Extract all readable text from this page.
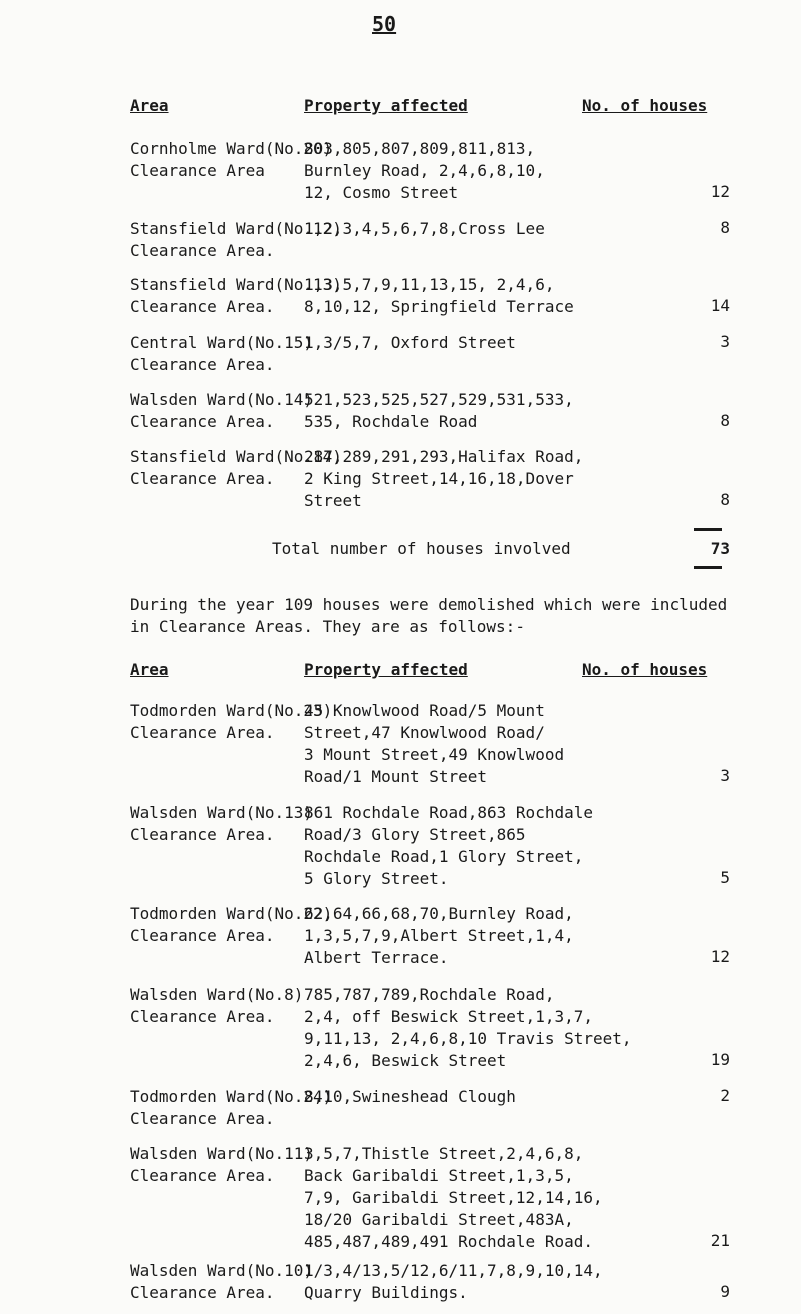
50
Area	Property affected	No. of houses
Cornholme Ward(No.20)
Clearance Area
803,805,807,809,811,813,
Burnley Road, 2,4,6,8,10,
12, Cosmo Street	12
Stansfield Ward(No.12)
Clearance Area.
1,2,3,4,5,6,7,8,Cross Lee	8
Stansfield Ward(No.13)
Clearance Area.
1,3,5,7,9,11,13,15, 2,4,6,
8,10,12, Springfield Terrace	14
Central Ward(No.15)
Clearance Area.
1,3/5,7, Oxford Street	3
Walsden Ward(No.14)
Clearance Area.
521,523,525,527,529,531,533,
535, Rochdale Road	8
Stansfield Ward(No.14)
Clearance Area.
287,289,291,293,Halifax Road,
2 King Street,14,16,18,Dover
Street	8
Total number of houses involved	73
During the year 109 houses were demolished which were included
in Clearance Areas. They are as follows:-
Area	Property affected	No. of houses
Todmorden Ward(No.23)
Clearance Area.
45 Knowlwood Road/5 Mount
Street,47 Knowlwood Road/
3 Mount Street,49 Knowlwood
Road/1 Mount Street	3
Walsden Ward(No.13)
Clearance Area.
861 Rochdale Road,863 Rochdale
Road/3 Glory Street,865
Rochdale Road,1 Glory Street,
5 Glory Street.	5
Todmorden Ward(No.22)
Clearance Area.
62,64,66,68,70,Burnley Road,
1,3,5,7,9,Albert Street,1,4,
Albert Terrace.	12
Walsden Ward(No.8)
Clearance Area.
785,787,789,Rochdale Road,
2,4, off Beswick Street,1,3,7,
9,11,13, 2,4,6,8,10 Travis Street,
2,4,6, Beswick Street	19
Todmorden Ward(No.24)
Clearance Area.
8,10,Swineshead Clough	2
Walsden Ward(No.11)
Clearance Area.
3,5,7,Thistle Street,2,4,6,8,
Back Garibaldi Street,1,3,5,
7,9, Garibaldi Street,12,14,16,
18/20 Garibaldi Street,483A,
485,487,489,491 Rochdale Road.	21
Walsden Ward(No.10)
Clearance Area.
1/3,4/13,5/12,6/11,7,8,9,10,14,
Quarry Buildings.	9
